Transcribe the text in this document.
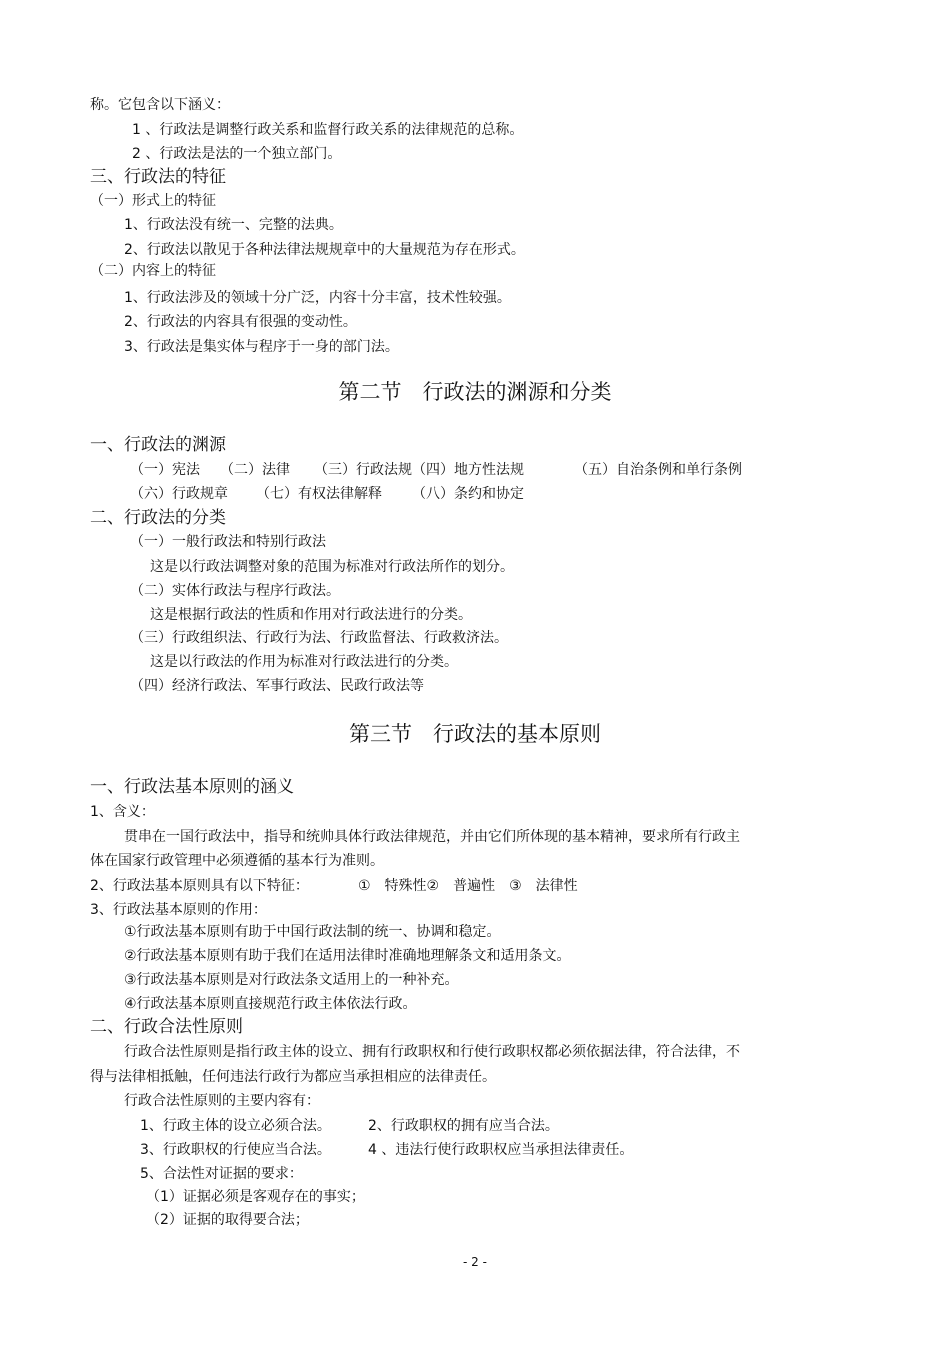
称。它包含以下涵义：
1 、行政法是调整行政关系和监督行政关系的法律规范的总称。
2 、行政法是法的一个独立部门。
三、行政法的特征
（一）形式上的特征
1、行政法没有统一、完整的法典。
2、行政法以散见于各种法律法规规章中的大量规范为存在形式。
（二）内容上的特征
1、行政法涉及的领域十分广泛，内容十分丰富，技术性较强。
2、行政法的内容具有很强的变动性。
3、行政法是集实体与程序于一身的部门法。
第二节　行政法的渊源和分类
一、行政法的渊源
（一）宪法 （二）法律 （三）行政法规（四）地方性法规	（五）自治条例和单行条例
（六）行政规章 （七）有权法律解释 （八）条约和协定
二、行政法的分类
（一）一般行政法和特别行政法
这是以行政法调整对象的范围为标准对行政法所作的划分。
（二）实体行政法与程序行政法。
这是根据行政法的性质和作用对行政法进行的分类。
（三）行政组织法、行政行为法、行政监督法、行政救济法。
这是以行政法的作用为标准对行政法进行的分类。
（四）经济行政法、军事行政法、民政行政法等
第三节　行政法的基本原则
一、行政法基本原则的涵义
1、含义：
贯串在一国行政法中，指导和统帅具体行政法律规范，并由它们所体现的基本精神，要求所有行政主
体在国家行政管理中必须遵循的基本行为准则。
2、行政法基本原则具有以下特征：	①　特殊性②　普遍性　③　法律性
3、行政法基本原则的作用：
①行政法基本原则有助于中国行政法制的统一、协调和稳定。
②行政法基本原则有助于我们在适用法律时准确地理解条文和适用条文。
③行政法基本原则是对行政法条文适用上的一种补充。
④行政法基本原则直接规范行政主体依法行政。
二、行政合法性原则
行政合法性原则是指行政主体的设立、拥有行政职权和行使行政职权都必须依据法律，符合法律，不
得与法律相抵触，任何违法行政行为都应当承担相应的法律责任。
行政合法性原则的主要内容有：
1、行政主体的设立必须合法。	2、行政职权的拥有应当合法。
3、行政职权的行使应当合法。	4 、违法行使行政职权应当承担法律责任。
5、合法性对证据的要求：
（1）证据必须是客观存在的事实；
（2）证据的取得要合法；
- 2 -
